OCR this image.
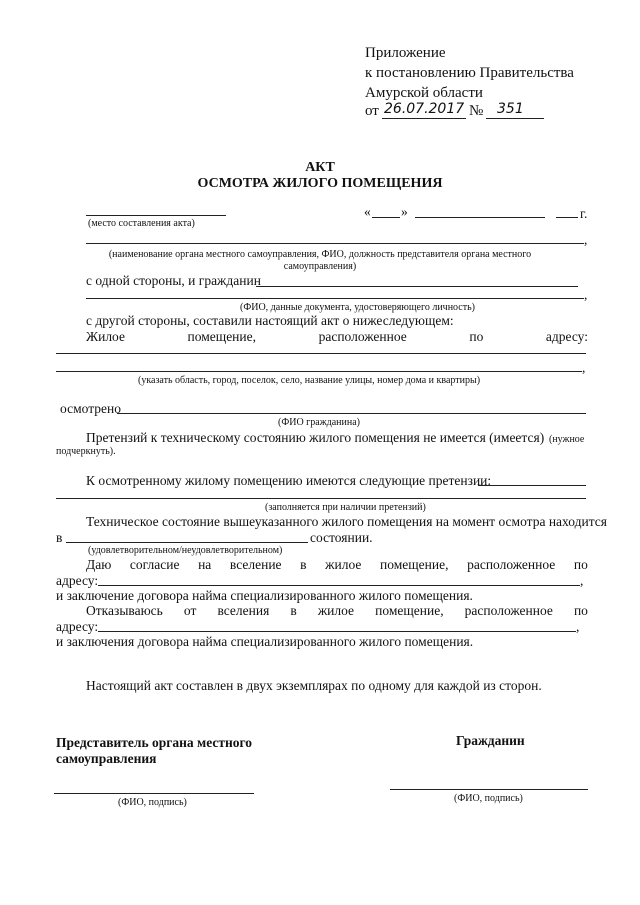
Приложение
к постановлению Правительства
Амурской области
от 26.07.2017 № 351
АКТ
ОСМОТРА ЖИЛОГО ПОМЕЩЕНИЯ
(место составления акта)
« »	г.
,
(наименование органа местного самоуправления, ФИО, должность представителя органа местного
самоуправления)
с одной стороны, и гражданин
,
(ФИО, данные документа, удостоверяющего личность)
с другой стороны, составили настоящий акт о нижеследующем:
Жилое	помещение,	расположенное	по	адресу:
,
(указать область, город, поселок, село, название улицы, номер дома и квартиры)
осмотрено
(ФИО гражданина)
Претензий к техническому состоянию жилого помещения не имеется (имеется) (нужное
подчеркнуть).
К осмотренному жилому помещению имеются следующие претензии:
(заполняется при наличии претензий)
Техническое состояние вышеуказанного жилого помещения на момент осмотра находится
в	состоянии.
(удовлетворительном/неудовлетворительном)
Даю согласие на вселение в жилое помещение, расположенное по
адресу:	,
и заключение договора найма специализированного жилого помещения.
Отказываюсь от вселения в жилое помещение, расположенное по
адресу:	,
и заключения договора найма специализированного жилого помещения.
Настоящий акт составлен в двух экземплярах по одному для каждой из сторон.
Представитель органа местного
самоуправления
Гражданин
(ФИО, подпись)	(ФИО, подпись)
